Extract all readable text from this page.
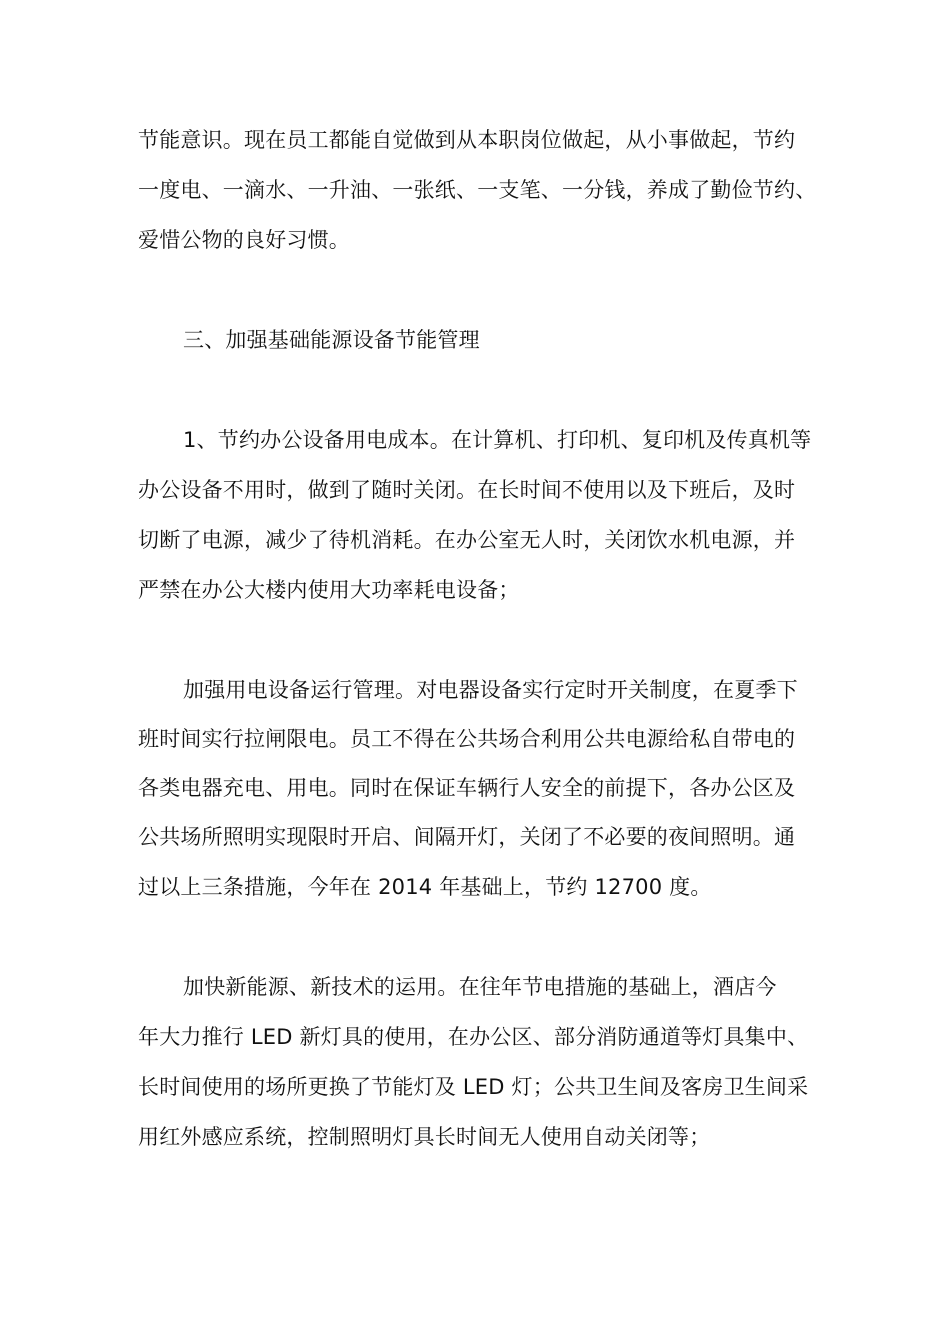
节能意识。现在员工都能自觉做到从本职岗位做起，从小事做起，节约
一度电、一滴水、一升油、一张纸、一支笔、一分钱，养成了勤俭节约、
爱惜公物的良好习惯。
三、加强基础能源设备节能管理
1、节约办公设备用电成本。在计算机、打印机、复印机及传真机等
办公设备不用时，做到了随时关闭。在长时间不使用以及下班后，及时
切断了电源，减少了待机消耗。在办公室无人时，关闭饮水机电源，并
严禁在办公大楼内使用大功率耗电设备；
加强用电设备运行管理。对电器设备实行定时开关制度，在夏季下
班时间实行拉闸限电。员工不得在公共场合利用公共电源给私自带电的
各类电器充电、用电。同时在保证车辆行人安全的前提下，各办公区及
公共场所照明实现限时开启、间隔开灯，关闭了不必要的夜间照明。通
过以上三条措施，今年在 2014 年基础上，节约 12700 度。
加快新能源、新技术的运用。在往年节电措施的基础上，酒店今
年大力推行 LED 新灯具的使用，在办公区、部分消防通道等灯具集中、
长时间使用的场所更换了节能灯及 LED 灯；公共卫生间及客房卫生间采
用红外感应系统，控制照明灯具长时间无人使用自动关闭等；
